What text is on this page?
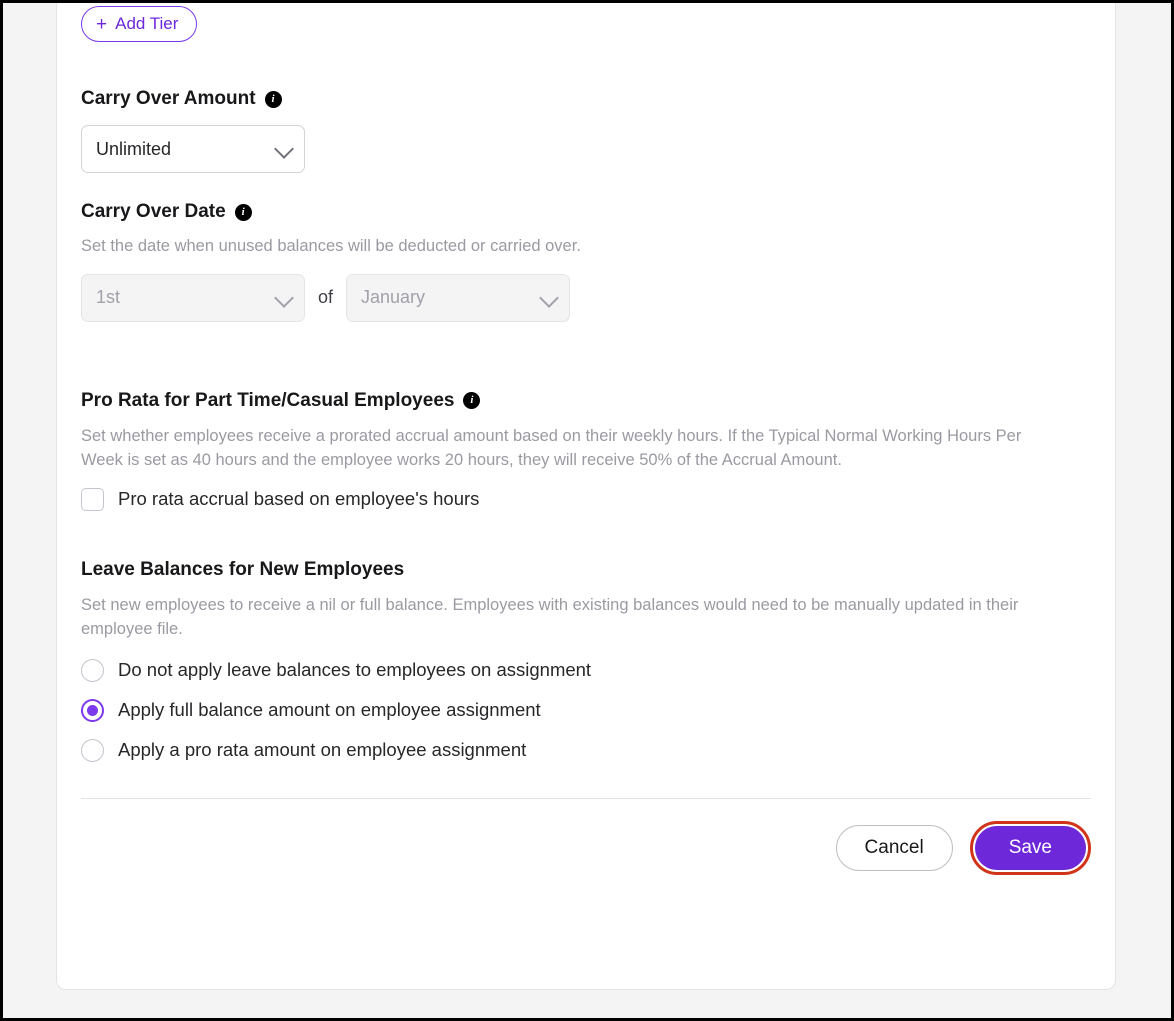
+ Add Tier
Carry Over Amount	i
Unlimited
Carry Over Date	i

Set the date when unused balances will be deducted or carried over.

1st	of January
Pro Rata for Part Time/Casual Employees	i

Set whether employees receive a prorated accrual amount based on their weekly hours. If the Typical Normal Working Hours Per Week is set as 40 hours and the employee works 20 hours, they will receive 50% of the Accrual Amount.

Pro rata accrual based on employee's hours
Leave Balances for New Employees

Set new employees to receive a nil or full balance. Employees with existing balances would need to be manually updated in their employee file.

Do not apply leave balances to employees on assignment
Apply full balance amount on employee assignment
Apply a pro rata amount on employee assignment
Cancel	Save
